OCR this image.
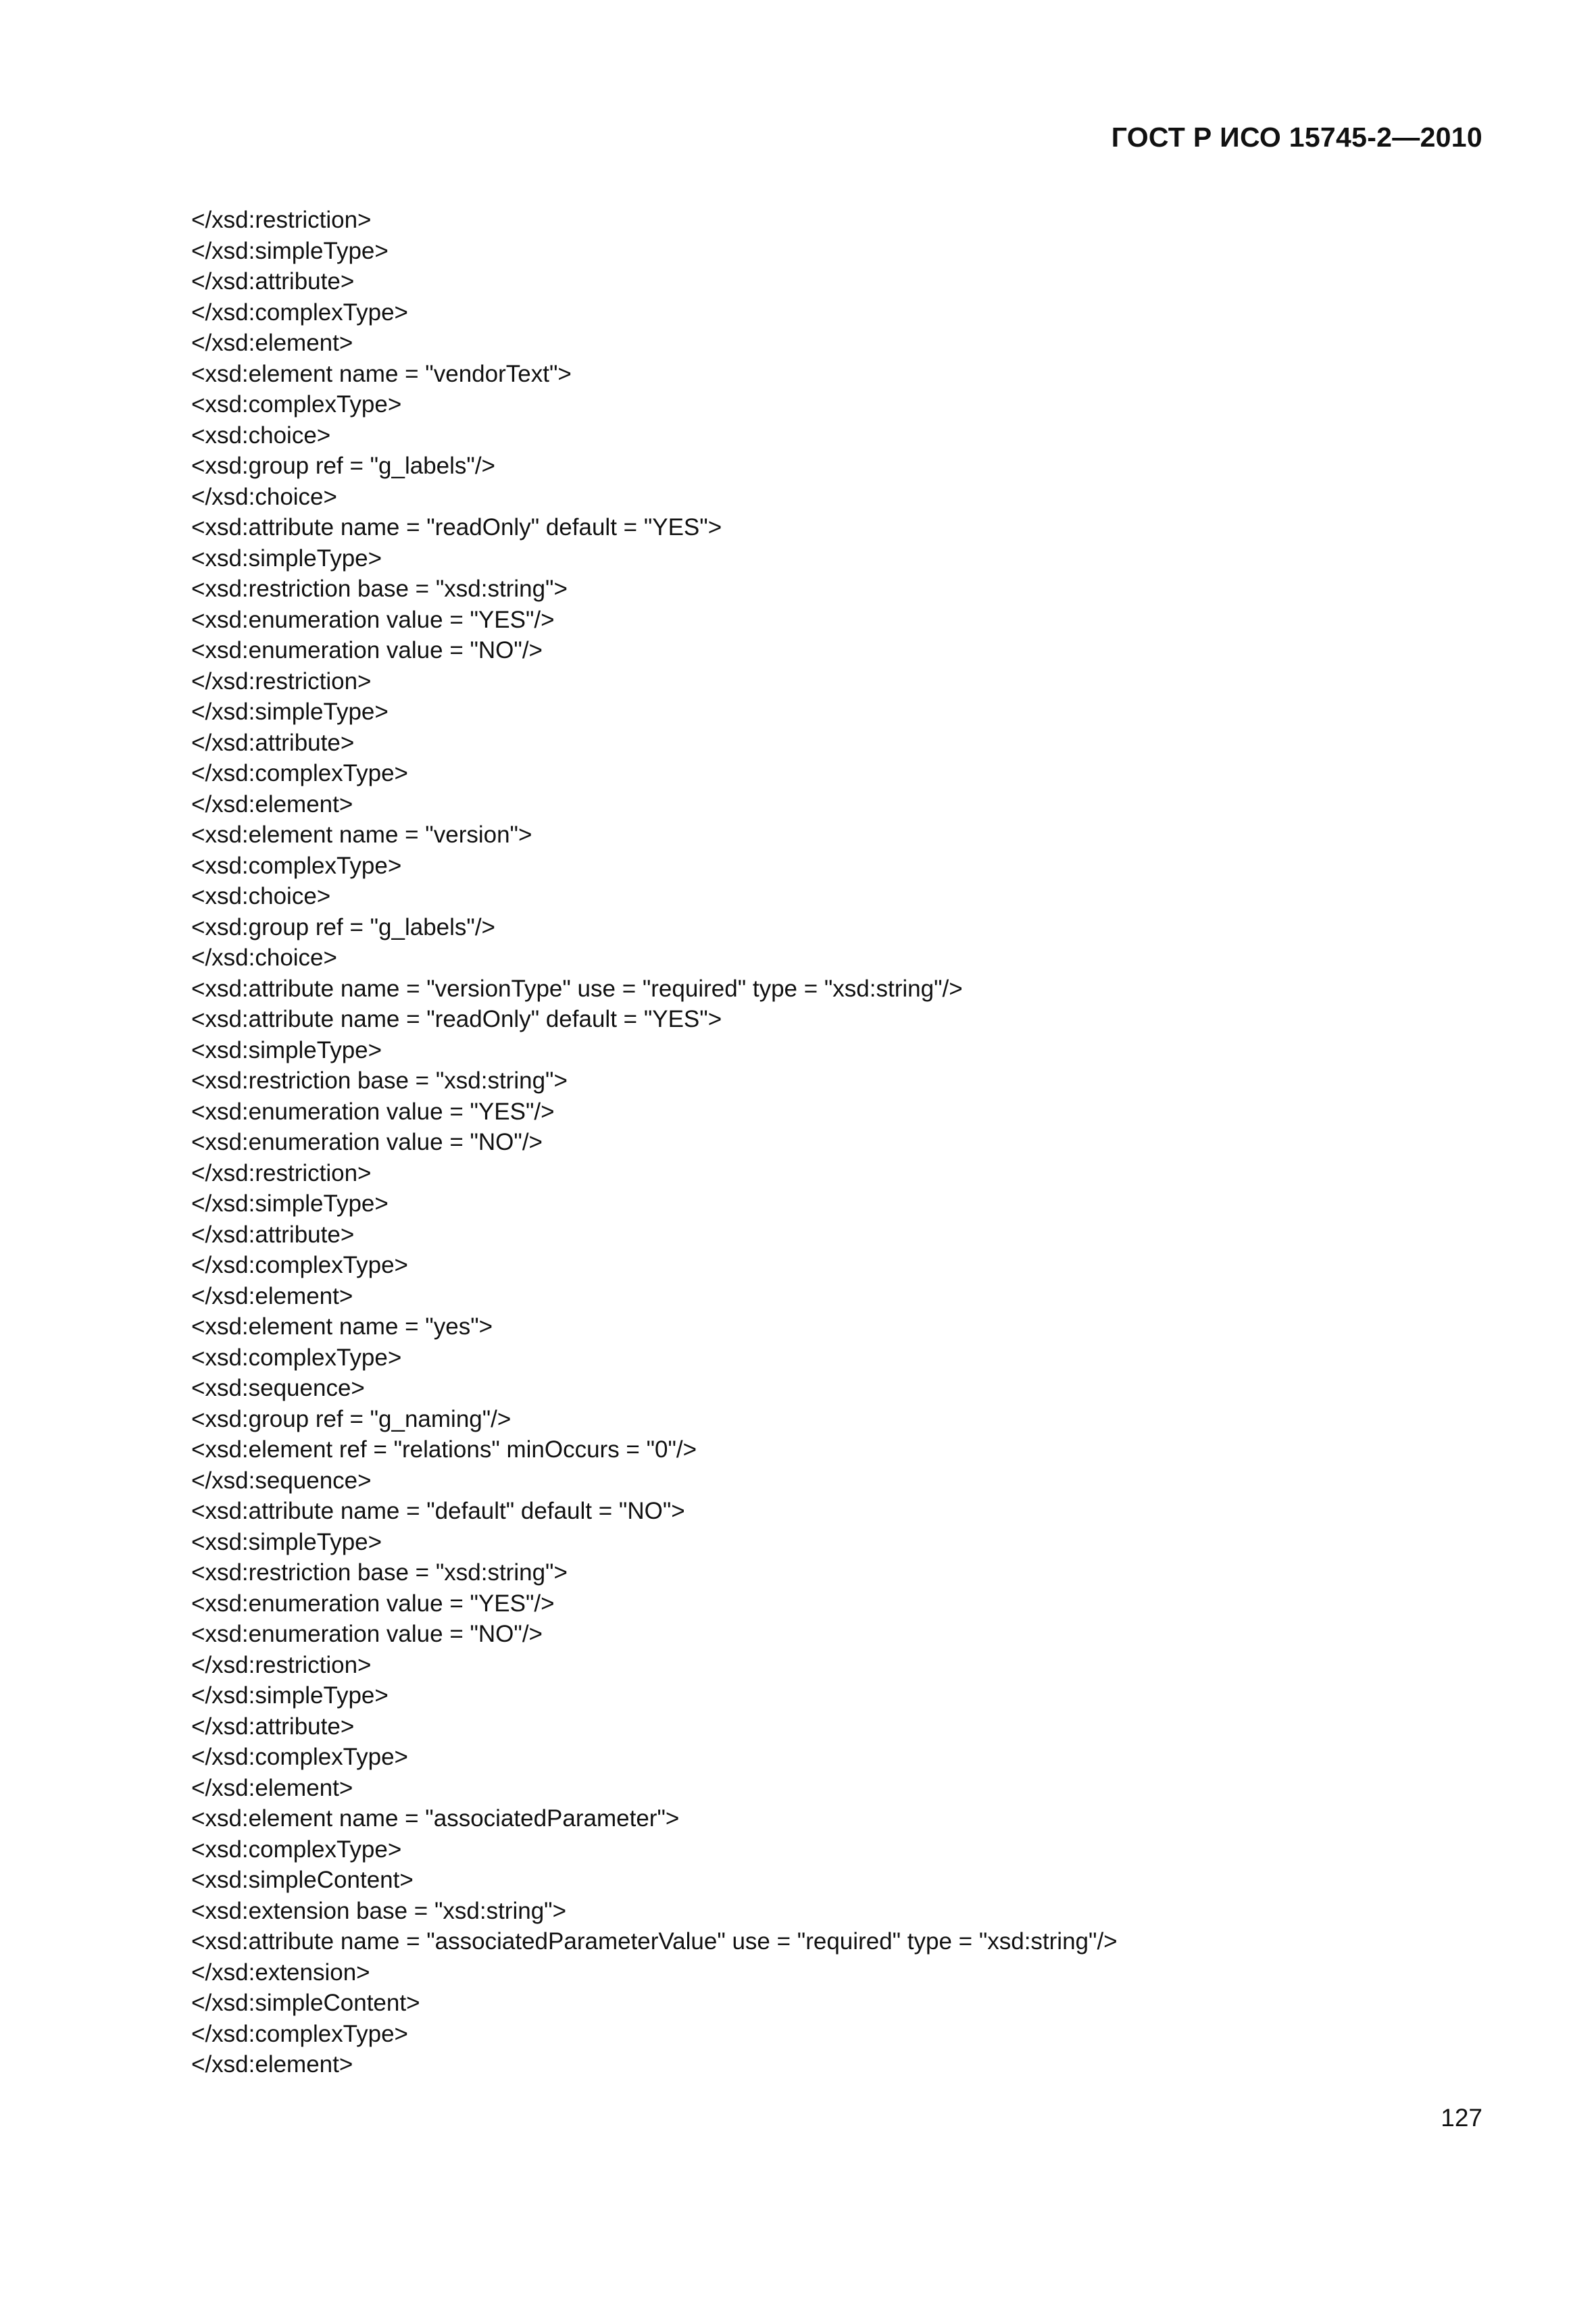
ГОСТ Р ИСО 15745-2—2010
</xsd:restriction>
</xsd:simpleType>
</xsd:attribute>
</xsd:complexType>
</xsd:element>
<xsd:element name = "vendorText">
<xsd:complexType>
<xsd:choice>
<xsd:group ref = "g_labels"/>
</xsd:choice>
<xsd:attribute name = "readOnly" default = "YES">
<xsd:simpleType>
<xsd:restriction base = "xsd:string">
<xsd:enumeration value = "YES"/>
<xsd:enumeration value = "NO"/>
</xsd:restriction>
</xsd:simpleType>
</xsd:attribute>
</xsd:complexType>
</xsd:element>
<xsd:element name = "version">
<xsd:complexType>
<xsd:choice>
<xsd:group ref = "g_labels"/>
</xsd:choice>
<xsd:attribute name = "versionType" use = "required" type = "xsd:string"/>
<xsd:attribute name = "readOnly" default = "YES">
<xsd:simpleType>
<xsd:restriction base = "xsd:string">
<xsd:enumeration value = "YES"/>
<xsd:enumeration value = "NO"/>
</xsd:restriction>
</xsd:simpleType>
</xsd:attribute>
</xsd:complexType>
</xsd:element>
<xsd:element name = "yes">
<xsd:complexType>
<xsd:sequence>
<xsd:group ref = "g_naming"/>
<xsd:element ref = "relations" minOccurs = "0"/>
</xsd:sequence>
<xsd:attribute name = "default" default = "NO">
<xsd:simpleType>
<xsd:restriction base = "xsd:string">
<xsd:enumeration value = "YES"/>
<xsd:enumeration value = "NO"/>
</xsd:restriction>
</xsd:simpleType>
</xsd:attribute>
</xsd:complexType>
</xsd:element>
<xsd:element name = "associatedParameter">
<xsd:complexType>
<xsd:simpleContent>
<xsd:extension base = "xsd:string">
<xsd:attribute name = "associatedParameterValue" use = "required" type = "xsd:string"/>
</xsd:extension>
</xsd:simpleContent>
</xsd:complexType>
</xsd:element>
127
